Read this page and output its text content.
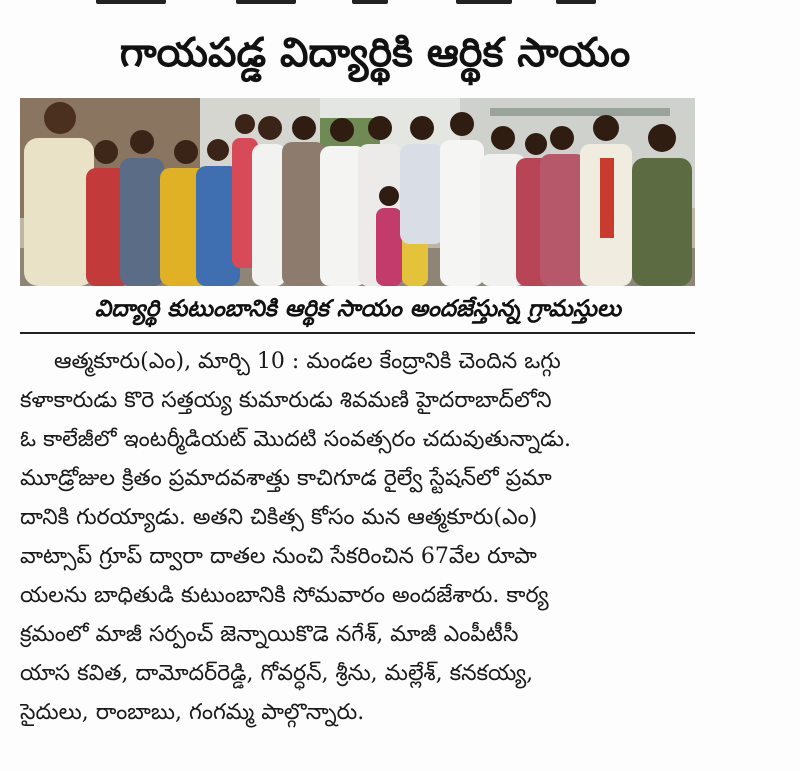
గాయపడ్డ విద్యార్థికి ఆర్థిక సాయం
విద్యార్థి కుటుంబానికి ఆర్థిక సాయం అందజేస్తున్న గ్రామస్తులు
ఆత్మకూరు(ఎం), మార్చి 10 : మండల కేంద్రానికి చెందిన ఒగ్గు
కళాకారుడు కొరె సత్తయ్య కుమారుడు శివమణి హైదరాబాద్‌లోని
ఓ కాలేజీలో ఇంటర్మీడియట్ మొదటి సంవత్సరం చదువుతున్నాడు.
మూడ్రోజుల క్రితం ప్రమాదవశాత్తు కాచిగూడ రైల్వే స్టేషన్‌లో ప్రమా
దానికి గురయ్యాడు. అతని చికిత్స కోసం మన ఆత్మకూరు(ఎం)
వాట్సాప్ గ్రూప్ ద్వారా దాతల నుంచి సేకరించిన 67వేల రూపా
యలను బాధితుడి కుటుంబానికి సోమవారం అందజేశారు. కార్య
క్రమంలో మాజీ సర్పంచ్ జెన్నాయికొడె నగేశ్, మాజీ ఎంపీటీసీ
యాస కవిత, దామోదర్‌రెడ్డి, గోవర్ధన్, శ్రీను, మల్లేశ్, కనకయ్య,
సైదులు, రాంబాబు, గంగమ్మ పాల్గొన్నారు.
